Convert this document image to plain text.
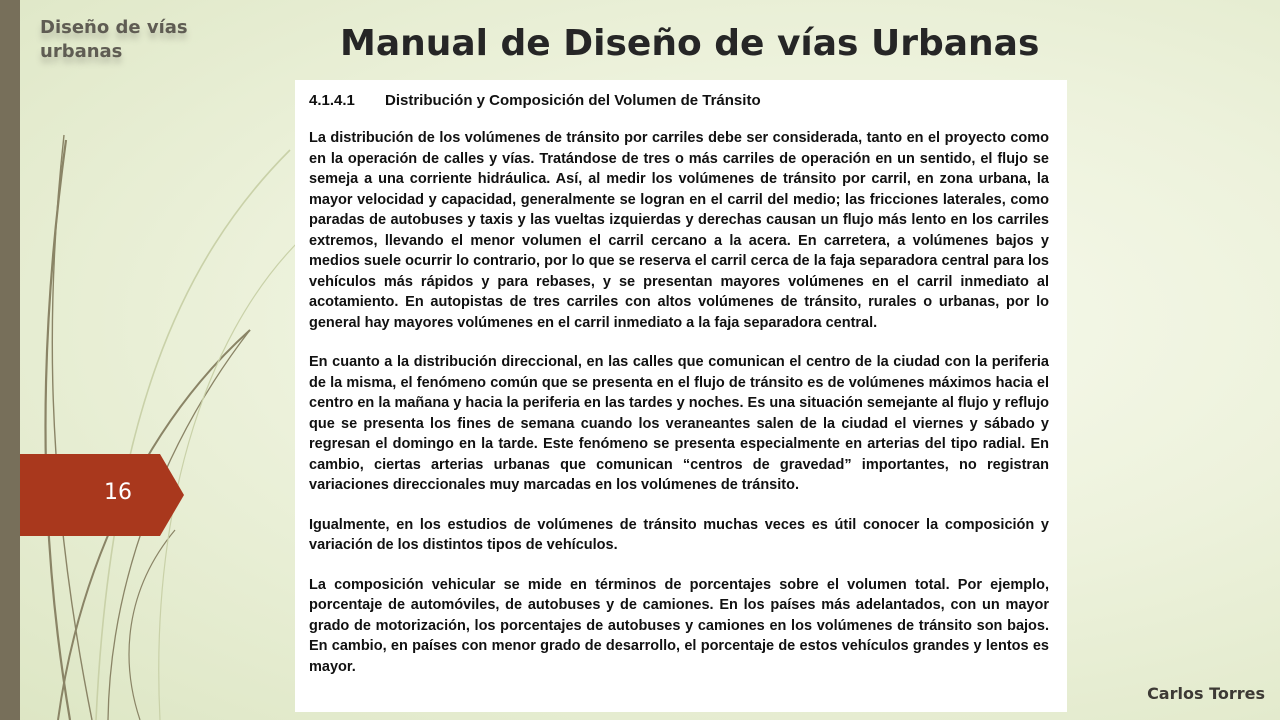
Diseño de vías urbanas	Manual de Diseño de vías Urbanas
16
4.1.4.1 Distribución y Composición del Volumen de Tránsito

La distribución de los volúmenes de tránsito por carriles debe ser considerada, tanto en el proyecto como en la operación de calles y vías. Tratándose de tres o más carriles de operación en un sentido, el flujo se semeja a una corriente hidráulica. Así, al medir los volúmenes de tránsito por carril, en zona urbana, la mayor velocidad y capacidad, generalmente se logran en el carril del medio; las fricciones laterales, como paradas de autobuses y taxis y las vueltas izquierdas y derechas causan un flujo más lento en los carriles extremos, llevando el menor volumen el carril cercano a la acera. En carretera, a volúmenes bajos y medios suele ocurrir lo contrario, por lo que se reserva el carril cerca de la faja separadora central para los vehículos más rápidos y para rebases, y se presentan mayores volúmenes en el carril inmediato al acotamiento. En autopistas de tres carriles con altos volúmenes de tránsito, rurales o urbanas, por lo general hay mayores volúmenes en el carril inmediato a la faja separadora central.

En cuanto a la distribución direccional, en las calles que comunican el centro de la ciudad con la periferia de la misma, el fenómeno común que se presenta en el flujo de tránsito es de volúmenes máximos hacia el centro en la mañana y hacia la periferia en las tardes y noches. Es una situación semejante al flujo y reflujo que se presenta los fines de semana cuando los veraneantes salen de la ciudad el viernes y sábado y regresan el domingo en la tarde. Este fenómeno se presenta especialmente en arterias del tipo radial. En cambio, ciertas arterias urbanas que comunican “centros de gravedad” importantes, no registran variaciones direccionales muy marcadas en los volúmenes de tránsito.

Igualmente, en los estudios de volúmenes de tránsito muchas veces es útil conocer la composición y variación de los distintos tipos de vehículos.

La composición vehicular se mide en términos de porcentajes sobre el volumen total. Por ejemplo, porcentaje de automóviles, de autobuses y de camiones. En los países más adelantados, con un mayor grado de motorización, los porcentajes de autobuses y camiones en los volúmenes de tránsito son bajos. En cambio, en países con menor grado de desarrollo, el porcentaje de estos vehículos grandes y lentos es mayor.

Carlos Torres
